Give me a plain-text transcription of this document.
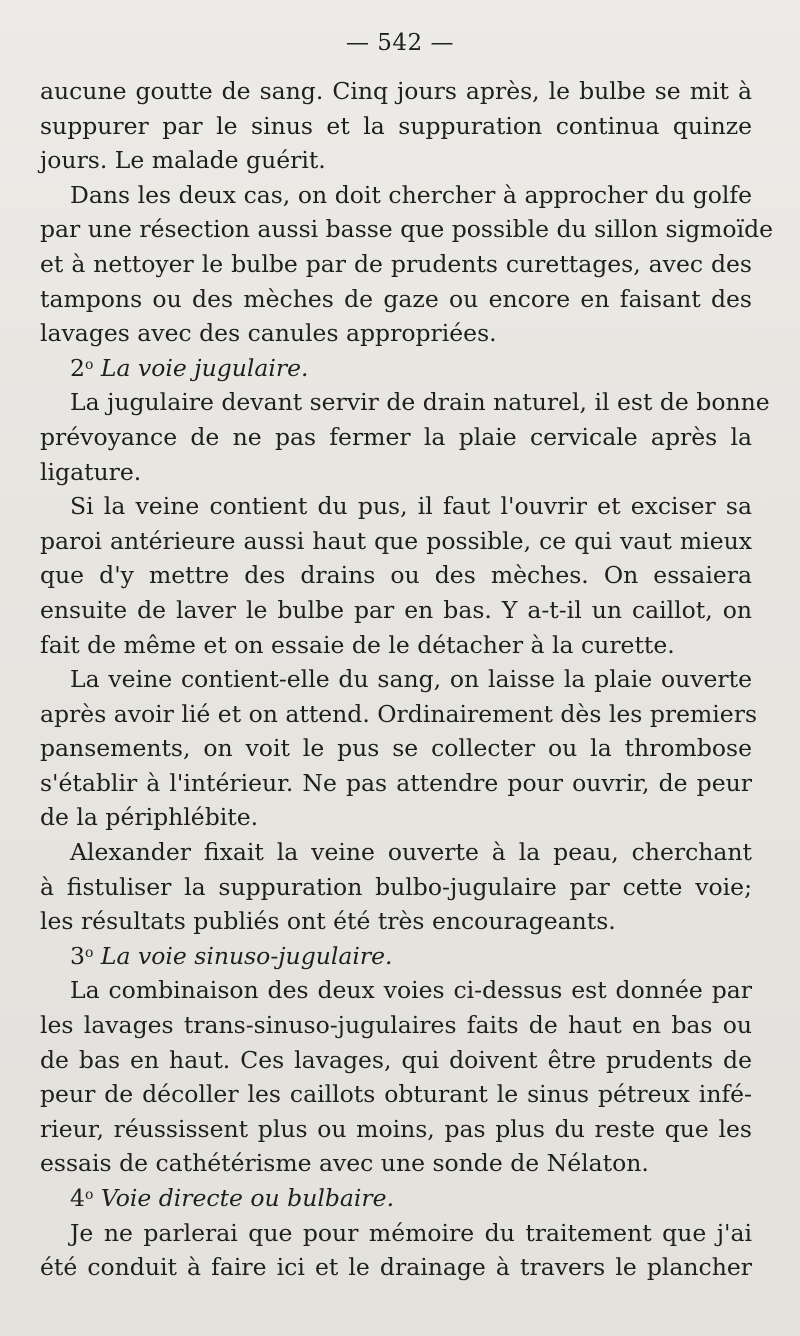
— 542 —
aucune goutte de sang. Cinq jours après, le bulbe se mit à
suppurer par le sinus et la suppuration continua quinze
jours. Le malade guérit.
Dans les deux cas, on doit chercher à approcher du golfe
par une résection aussi basse que possible du sillon sigmoïde
et à nettoyer le bulbe par de prudents curettages, avec des
tampons ou des mèches de gaze ou encore en faisant des
lavages avec des canules appropriées.
2$^o$ La voie jugulaire.
La jugulaire devant servir de drain naturel, il est de bonne
prévoyance de ne pas fermer la plaie cervicale après la
ligature.
Si la veine contient du pus, il faut l'ouvrir et exciser sa
paroi antérieure aussi haut que possible, ce qui vaut mieux
que d'y mettre des drains ou des mèches. On essaiera
ensuite de laver le bulbe par en bas. Y a-t-il un caillot, on
fait de même et on essaie de le détacher à la curette.
La veine contient-elle du sang, on laisse la plaie ouverte
après avoir lié et on attend. Ordinairement dès les premiers
pansements, on voit le pus se collecter ou la thrombose
s'établir à l'intérieur. Ne pas attendre pour ouvrir, de peur
de la périphlébite.
Alexander fixait la veine ouverte à la peau, cherchant
à fistuliser la suppuration bulbo-jugulaire par cette voie;
les résultats publiés ont été très encourageants.
3$^o$ La voie sinuso-jugulaire.
La combinaison des deux voies ci-dessus est donnée par
les lavages trans-sinuso-jugulaires faits de haut en bas ou
de bas en haut. Ces lavages, qui doivent être prudents de
peur de décoller les caillots obturant le sinus pétreux infé-
rieur, réussissent plus ou moins, pas plus du reste que les
essais de cathétérisme avec une sonde de Nélaton.
4$^o$ Voie directe ou bulbaire.
Je ne parlerai que pour mémoire du traitement que j'ai
été conduit à faire ici et le drainage à travers le plancher
